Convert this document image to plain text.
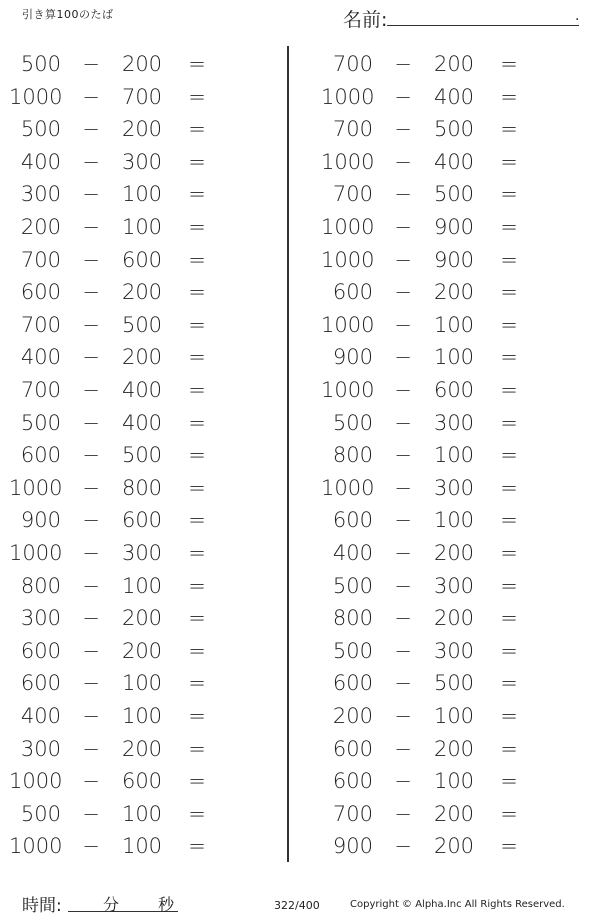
引き算100のたば	名前:	.
500 − 200 =
1000 − 700 =
500 − 200 =
400 − 300 =
300 − 100 =
200 − 100 =
700 − 600 =
600 − 200 =
700 − 500 =
400 − 200 =
700 − 400 =
500 − 400 =
600 − 500 =
1000 − 800 =
900 − 600 =
1000 − 300 =
800 − 100 =
300 − 200 =
600 − 200 =
600 − 100 =
400 − 100 =
300 − 200 =
1000 − 600 =
500 − 100 =
1000 − 100 =
700 − 200 =
1000 − 400 =
700 − 500 =
1000 − 400 =
700 − 500 =
1000 − 900 =
1000 − 900 =
600 − 200 =
1000 − 100 =
900 − 100 =
1000 − 600 =
500 − 300 =
800 − 100 =
1000 − 300 =
600 − 100 =
400 − 200 =
500 − 300 =
800 − 200 =
500 − 300 =
600 − 500 =
200 − 100 =
600 − 200 =
600 − 100 =
700 − 200 =
900 − 200 =
時間:	分 秒	322/400	Copyright © Alpha.Inc All Rights Reserved.
